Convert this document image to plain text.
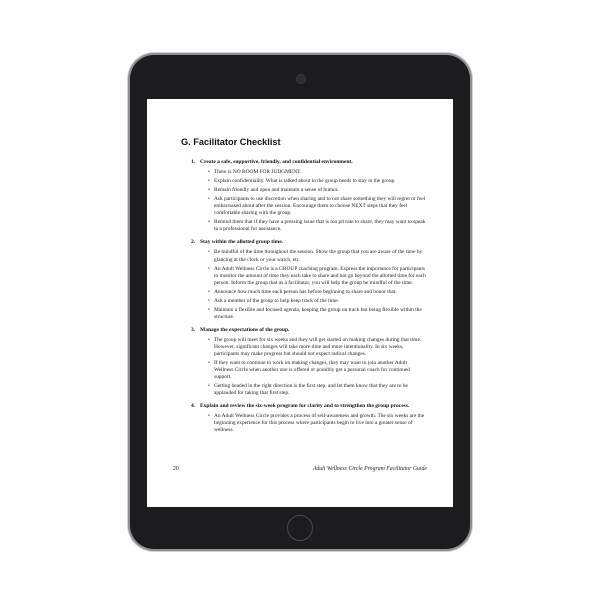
G. Facilitator Checklist
1. Create a safe, supportive, friendly, and confidential environment.
• There is NO ROOM FOR JUDGMENT.
• Explain confidentiality. What is talked about in the group needs to stay in the group.
• Remain friendly and open and maintain a sense of humor.
• Ask participants to use discretion when sharing and to not share something they will regret or feel embarrassed about after the session. Encourage them to choose NEXT steps that they feel comfortable sharing with the group.
• Remind them that if they have a pressing issue that is too private to share, they may want to speak to a professional for assistance.
2. Stay within the allotted group time.
• Be mindful of the time throughout the session. Show the group that you are aware of the time by glancing at the clock or your watch, etc.
• An Adult Wellness Circle is a GROUP coaching program. Express the importance for participants to monitor the amount of time they each take to share and not go beyond the allotted time for each person. Inform the group that as a facilitator, you will help the group be mindful of the time.
• Announce how much time each person has before beginning to share and honor that.
• Ask a member of the group to help keep track of the time.
• Maintain a flexible and focused agenda, keeping the group on track but being flexible within the structure.
3. Manage the expectations of the group.
• The group will meet for six weeks and they will get started on making changes during that time. However, significant changes will take more time and more intentionality. In six weeks, participants may make progress but should not expect radical changes.
• If they want to continue to work on making changes, they may want to join another Adult Wellness Circle when another one is offered or possibly get a personal coach for continued support.
• Getting headed in the right direction is the first step, and let them know that they are to be applauded for taking that first step.
4. Explain and review the six-week program for clarity and to strengthen the group process.
• An Adult Wellness Circle provides a process of self-awareness and growth. The six weeks are the beginning experience for this process where participants begin to live into a greater sense of wellness.
20	Adult Wellness Circle Program Facilitator Guide
